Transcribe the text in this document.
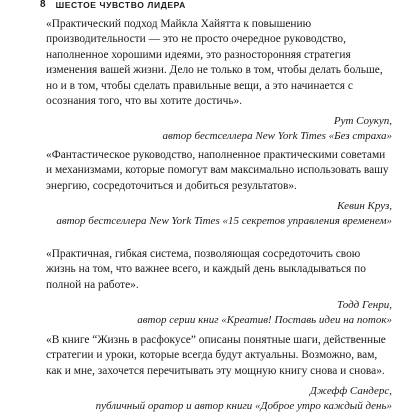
8 ШЕСТОЕ ЧУВСТВО ЛИДЕРА

«Практический подход Майкла Хайятта к повышению производительности — это не просто очередное руководство, наполненное хорошими идеями, это разносторонняя стратегия изменения вашей жизни. Дело не только в том, чтобы делать больше, но и в том, чтобы сделать правильные вещи, а это начинается с осознания того, что вы хотите достичь».

Рут Соукуп,
автор бестселлера New York Times «Без страха»

«Фантастическое руководство, наполненное практическими советами и механизмами, которые помогут вам максимально использовать вашу энергию, сосредоточиться и добиться результатов».

Кевин Круз,
автор бестселлера New York Times «15 секретов управления временем»

«Практичная, гибкая система, позволяющая сосредоточить свою жизнь на том, что важнее всего, и каждый день выкладываться по полной на работе».

Тодд Генри,
автор серии книг «Креатив! Поставь идеи на поток»

«В книге “Жизнь в расфокусе” описаны понятные шаги, действенные стратегии и уроки, которые всегда будут актуальны. Возможно, вам, как и мне, захочется перечитывать эту мощную книгу снова и снова».

Джефф Сандерс,
публичный оратор и автор книги «Доброе утро каждый день»
